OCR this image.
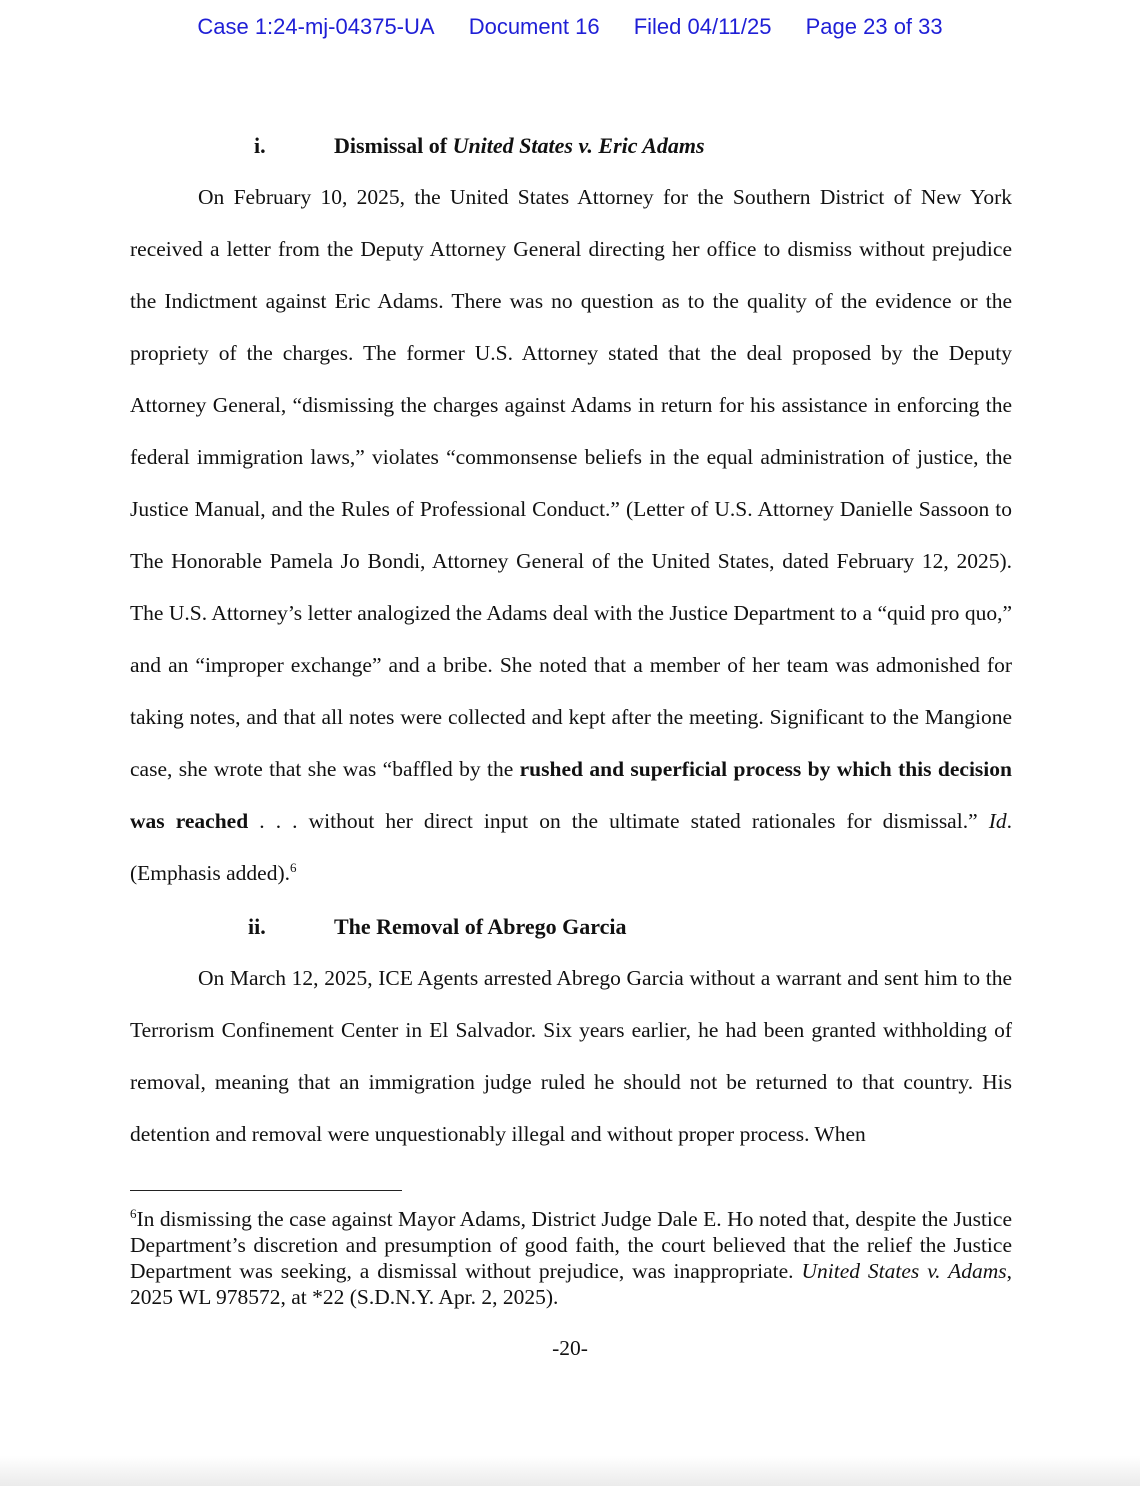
Case 1:24-mj-04375-UA Document 16 Filed 04/11/25 Page 23 of 33
i.	Dismissal of United States v. Eric Adams

On February 10, 2025, the United States Attorney for the Southern District of New York received a letter from the Deputy Attorney General directing her office to dismiss without prejudice the Indictment against Eric Adams. There was no question as to the quality of the evidence or the propriety of the charges. The former U.S. Attorney stated that the deal proposed by the Deputy Attorney General, “dismissing the charges against Adams in return for his assistance in enforcing the federal immigration laws,” violates “commonsense beliefs in the equal administration of justice, the Justice Manual, and the Rules of Professional Conduct.” (Letter of U.S. Attorney Danielle Sassoon to The Honorable Pamela Jo Bondi, Attorney General of the United States, dated February 12, 2025). The U.S. Attorney’s letter analogized the Adams deal with the Justice Department to a “quid pro quo,” and an “improper exchange” and a bribe. She noted that a member of her team was admonished for taking notes, and that all notes were collected and kept after the meeting. Significant to the Mangione case, she wrote that she was “baffled by the rushed and superficial process by which this decision was reached . . . without her direct input on the ultimate stated rationales for dismissal.” Id. (Emphasis added).$^6$

ii.	The Removal of Abrego Garcia

On March 12, 2025, ICE Agents arrested Abrego Garcia without a warrant and sent him to the Terrorism Confinement Center in El Salvador. Six years earlier, he had been granted withholding of removal, meaning that an immigration judge ruled he should not be returned to that country. His detention and removal were unquestionably illegal and without proper process. When

$^6$In dismissing the case against Mayor Adams, District Judge Dale E. Ho noted that, despite the Justice Department’s discretion and presumption of good faith, the court believed that the relief the Justice Department was seeking, a dismissal without prejudice, was inappropriate. United States v. Adams, 2025 WL 978572, at *22 (S.D.N.Y. Apr. 2, 2025).

-20-
